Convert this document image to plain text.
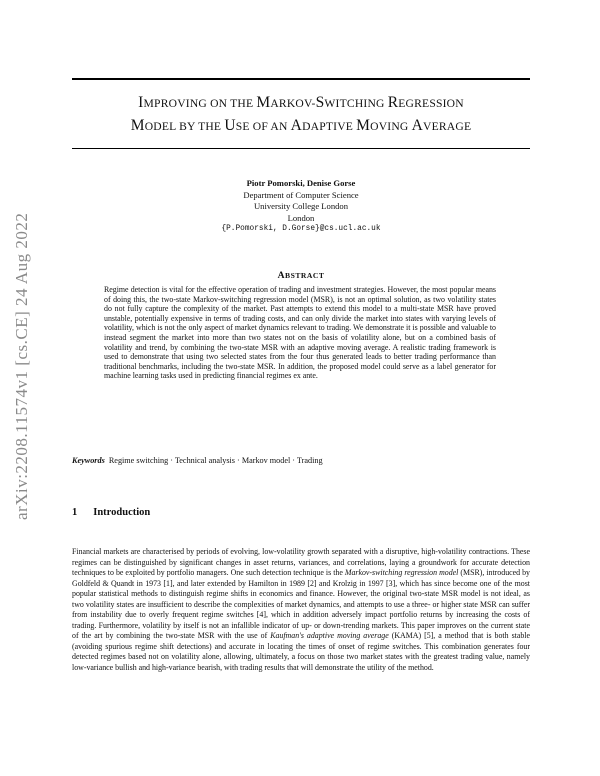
arXiv:2208.11574v1 [cs.CE] 24 Aug 2022
IMPROVING ON THE MARKOV-SWITCHING REGRESSION
MODEL BY THE USE OF AN ADAPTIVE MOVING AVERAGE
Piotr Pomorski, Denise Gorse
Department of Computer Science
University College London
London
{P.Pomorski, D.Gorse}@cs.ucl.ac.uk
ABSTRACT

Regime detection is vital for the effective operation of trading and investment strategies. However, the most popular means of doing this, the two-state Markov-switching regression model (MSR), is not an optimal solution, as two volatility states do not fully capture the complexity of the market. Past attempts to extend this model to a multi-state MSR have proved unstable, potentially expensive in terms of trading costs, and can only divide the market into states with varying levels of volatility, which is not the only aspect of market dynamics relevant to trading. We demonstrate it is possible and valuable to instead segment the market into more than two states not on the basis of volatility alone, but on a combined basis of volatility and trend, by combining the two-state MSR with an adaptive moving average. A realistic trading framework is used to demonstrate that using two selected states from the four thus generated leads to better trading performance than traditional benchmarks, including the two-state MSR. In addition, the proposed model could serve as a label generator for machine learning tasks used in predicting financial regimes ex ante.

Keywords Regime switching · Technical analysis · Markov model · Trading
1 Introduction

Financial markets are characterised by periods of evolving, low-volatility growth separated with a disruptive, high-volatility contractions. These regimes can be distinguished by significant changes in asset returns, variances, and correlations, laying a groundwork for accurate detection techniques to be exploited by portfolio managers. One such detection technique is the Markov-switching regression model (MSR), introduced by Goldfeld & Quandt in 1973 [1], and later extended by Hamilton in 1989 [2] and Krolzig in 1997 [3], which has since become one of the most popular statistical methods to distinguish regime shifts in economics and finance. However, the original two-state MSR model is not ideal, as two volatility states are insufficient to describe the complexities of market dynamics, and attempts to use a three- or higher state MSR can suffer from instability due to overly frequent regime switches [4], which in addition adversely impact portfolio returns by increasing the costs of trading. Furthermore, volatility by itself is not an infallible indicator of up- or down-trending markets. This paper improves on the current state of the art by combining the two-state MSR with the use of Kaufman's adaptive moving average (KAMA) [5], a method that is both stable (avoiding spurious regime shift detections) and accurate in locating the times of onset of regime switches. This combination generates four detected regimes based not on volatility alone, allowing, ultimately, a focus on those two market states with the greatest trading value, namely low-variance bullish and high-variance bearish, with trading results that will demonstrate the utility of the method.
